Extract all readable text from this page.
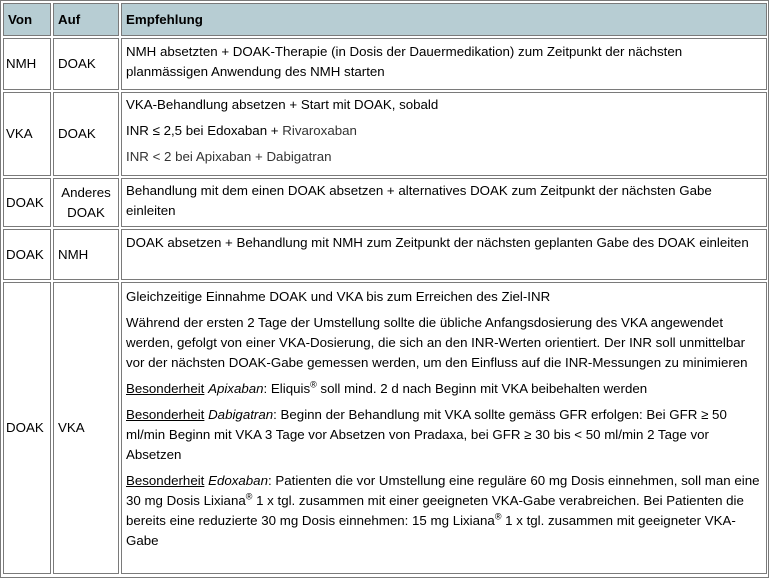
Von Auf	Empfehlung
NMH DOAK

NMH absetzten + DOAK-Therapie (in Dosis der Dauermedikation) zum Zeitpunkt der nächsten planmässigen Anwendung des NMH starten

VKA DOAK

VKA-Behandlung absetzen + Start mit DOAK, sobald

INR ≤ 2,5 bei Edoxaban + Rivaroxaban

INR < 2 bei Apixaban + Dabigatran

DOAK
Anderes
DOAK

Behandlung mit dem einen DOAK absetzen + alternatives DOAK zum Zeitpunkt der nächsten Gabe einleiten

DOAK NMH

DOAK absetzen + Behandlung mit NMH zum Zeitpunkt der nächsten geplanten Gabe des DOAK einleiten

DOAK VKA

Gleichzeitige Einnahme DOAK und VKA bis zum Erreichen des Ziel-INR

Während der ersten 2 Tage der Umstellung sollte die übliche Anfangsdosierung des VKA angewendet werden, gefolgt von einer VKA-Dosierung, die sich an den INR-Werten orientiert. Der INR soll unmittelbar vor der nächsten DOAK-Gabe gemessen werden, um den Einfluss auf die INR-Messungen zu minimieren

Besonderheit Apixaban: Eliquis® soll mind. 2 d nach Beginn mit VKA beibehalten werden

Besonderheit Dabigatran: Beginn der Behandlung mit VKA sollte gemäss GFR erfolgen: Bei GFR ≥ 50 ml/min Beginn mit VKA 3 Tage vor Absetzen von Pradaxa, bei GFR ≥ 30 bis < 50 ml/min 2 Tage vor Absetzen

Besonderheit Edoxaban: Patienten die vor Umstellung eine reguläre 60 mg Dosis einnehmen, soll man eine 30 mg Dosis Lixiana® 1 x tgl. zusammen mit einer geeigneten VKA-Gabe verabreichen. Bei Patienten die bereits eine reduzierte 30 mg Dosis einnehmen: 15 mg Lixiana® 1 x tgl. zusammen mit geeigneter VKA-Gabe
